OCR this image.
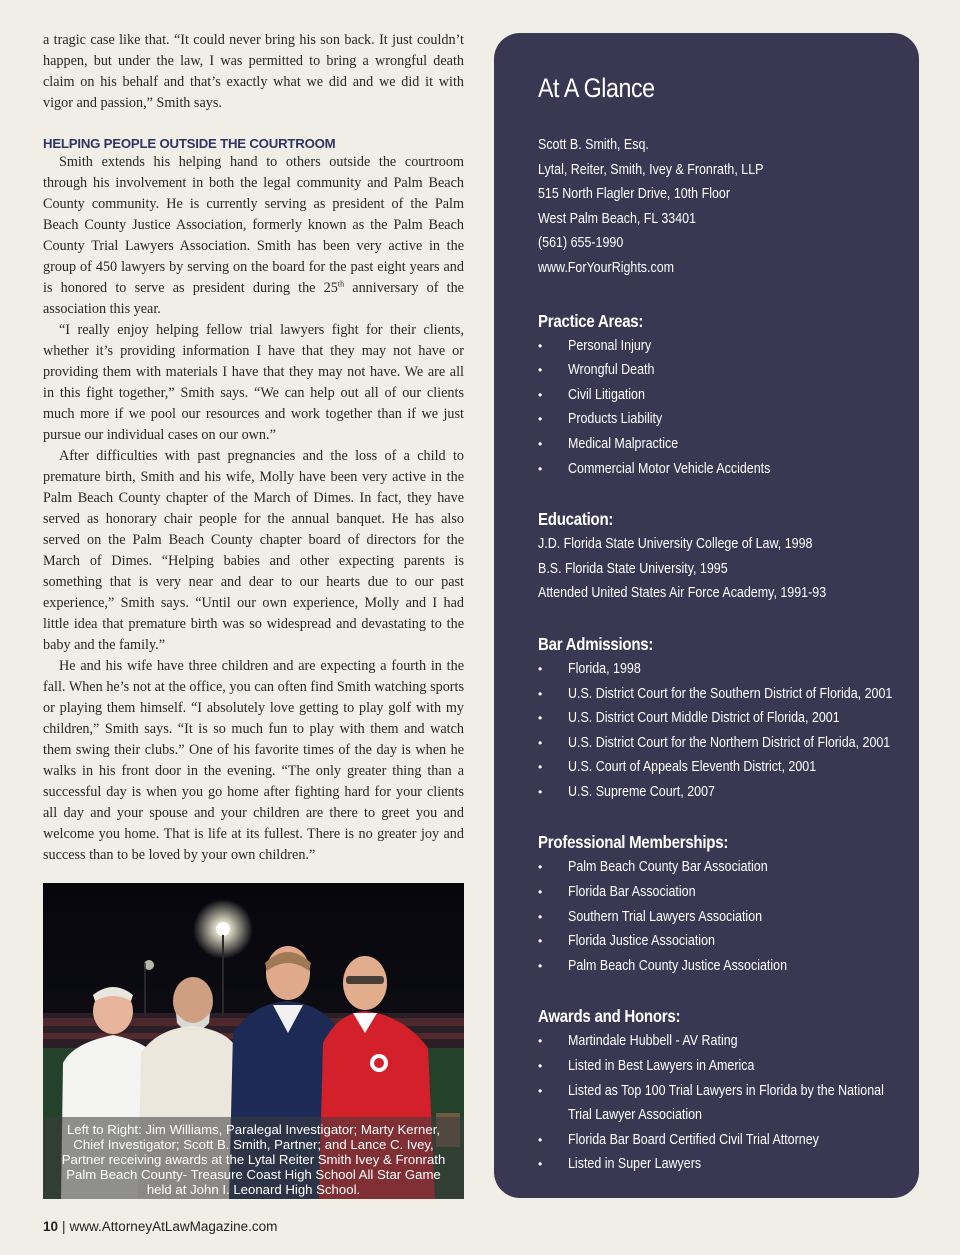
a tragic case like that. “It could never bring his son back. It just couldn’t happen, but under the law, I was permitted to bring a wrongful death claim on his behalf and that’s exactly what we did and we did it with vigor and passion,” Smith says.

HELPING PEOPLE OUTSIDE THE COURTROOM

Smith extends his helping hand to others outside the courtroom through his involvement in both the legal community and Palm Beach County community. He is currently serving as president of the Palm Beach County Justice Association, formerly known as the Palm Beach County Trial Lawyers Association. Smith has been very active in the group of 450 lawyers by serving on the board for the past eight years and is honored to serve as president during the 25th anniversary of the association this year.

“I really enjoy helping fellow trial lawyers fight for their clients, whether it’s providing information I have that they may not have or providing them with materials I have that they may not have. We are all in this fight together,” Smith says. “We can help out all of our clients much more if we pool our resources and work together than if we just pursue our individual cases on our own.”

After difficulties with past pregnancies and the loss of a child to premature birth, Smith and his wife, Molly have been very active in the Palm Beach County chapter of the March of Dimes. In fact, they have served as honorary chair people for the annual banquet. He has also served on the Palm Beach County chapter board of directors for the March of Dimes. “Helping babies and other expecting parents is something that is very near and dear to our hearts due to our past experience,” Smith says. “Until our own experience, Molly and I had little idea that premature birth was so widespread and devastating to the baby and the family.”

He and his wife have three children and are expecting a fourth in the fall. When he’s not at the office, you can often find Smith watching sports or playing them himself. “I absolutely love getting to play golf with my children,” Smith says. “It is so much fun to play with them and watch them swing their clubs.” One of his favorite times of the day is when he walks in his front door in the evening. “The only greater thing than a successful day is when you go home after fighting hard for your clients all day and your spouse and your children are there to greet you and welcome you home. That is life at its fullest. There is no greater joy and success than to be loved by your own children.”

Left to Right: Jim Williams, Paralegal Investigator; Marty Kerner, Chief Investigator; Scott B. Smith, Partner; and Lance C. Ivey, Partner receiving awards at the Lytal Reiter Smith Ivey & Fronrath Palm Beach County- Treasure Coast High School All Star Game held at John I. Leonard High School.
10 | www.AttorneyAtLawMagazine.com
At A Glance
Scott B. Smith, Esq.
Lytal, Reiter, Smith, Ivey & Fronrath, LLP
515 North Flagler Drive, 10th Floor
West Palm Beach, FL 33401
(561) 655-1990
www.ForYourRights.com
Practice Areas:
• Personal Injury
• Wrongful Death
• Civil Litigation
• Products Liability
• Medical Malpractice
• Commercial Motor Vehicle Accidents
Education:
J.D. Florida State University College of Law, 1998
B.S. Florida State University, 1995
Attended United States Air Force Academy, 1991-93
Bar Admissions:
• Florida, 1998
• U.S. District Court for the Southern District of Florida, 2001
• U.S. District Court Middle District of Florida, 2001
• U.S. District Court for the Northern District of Florida, 2001
• U.S. Court of Appeals Eleventh District, 2001
• U.S. Supreme Court, 2007
Professional Memberships:
• Palm Beach County Bar Association
• Florida Bar Association
• Southern Trial Lawyers Association
• Florida Justice Association
• Palm Beach County Justice Association
Awards and Honors:
• Martindale Hubbell - AV Rating
• Listed in Best Lawyers in America
• Listed as Top 100 Trial Lawyers in Florida by the National
Trial Lawyer Association
• Florida Bar Board Certified Civil Trial Attorney
• Listed in Super Lawyers
